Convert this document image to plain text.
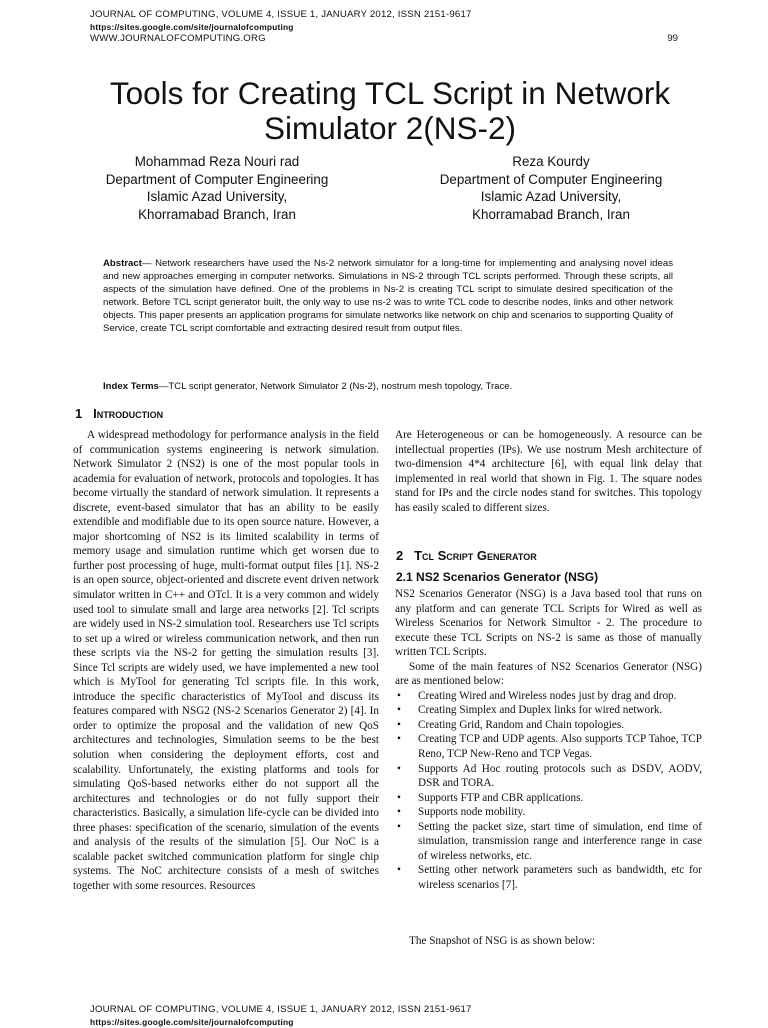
JOURNAL OF COMPUTING, VOLUME 4, ISSUE 1, JANUARY 2012, ISSN 2151-9617
https://sites.google.com/site/journalofcomputing
WWW.JOURNALOFCOMPUTING.ORG	99
Tools for Creating TCL Script in Network Simulator 2(NS-2)
Mohammad Reza Nouri rad
Department of Computer Engineering
Islamic Azad University,
Khorramabad Branch, Iran
Reza Kourdy
Department of Computer Engineering
Islamic Azad University,
Khorramabad Branch, Iran
Abstract— Network researchers have used the Ns-2 network simulator for a long-time for implementing and analysing novel ideas and new approaches emerging in computer networks. Simulations in NS-2 through TCL scripts performed. Through these scripts, all aspects of the simulation have defined. One of the problems in Ns-2 is creating TCL script to simulate desired specification of the network. Before TCL script generator built, the only way to use ns-2 was to write TCL code to describe nodes, links and other network objects. This paper presents an application programs for simulate networks like network on chip and scenarios to supporting Quality of Service, create TCL script comfortable and extracting desired result from output files.
Index Terms—TCL script generator, Network Simulator 2 (Ns-2), nostrum mesh topology, Trace.
1 Introduction

A widespread methodology for performance analysis in the field of communication systems engineering is network simulation. Network Simulator 2 (NS2) is one of the most popular tools in academia for evaluation of network, protocols and topologies. It has become virtually the standard of network simulation. It represents a discrete, event-based simulator that has an ability to be easily extendible and modifiable due to its open source nature. However, a major shortcoming of NS2 is its limited scalability in terms of memory usage and simulation runtime which get worsen due to further post processing of huge, multi-format output files [1]. NS-2 is an open source, object-oriented and discrete event driven network simulator written in C++ and OTcl. It is a very common and widely used tool to simulate small and large area networks [2]. Tcl scripts are widely used in NS-2 simulation tool. Researchers use Tcl scripts to set up a wired or wireless communication network, and then run these scripts via the NS-2 for getting the simulation results [3]. Since Tcl scripts are widely used, we have implemented a new tool which is MyTool for generating Tcl scripts file. In this work, introduce the specific characteristics of MyTool and discuss its features compared with NSG2 (NS-2 Scenarios Generator 2) [4]. In order to optimize the proposal and the validation of new QoS architectures and technologies, Simulation seems to be the best solution when considering the deployment efforts, cost and scalability. Unfortunately, the existing platforms and tools for simulating QoS-based networks either do not support all the architectures and technologies or do not fully support their characteristics. Basically, a simulation life-cycle can be divided into three phases: specification of the scenario, simulation of the events and analysis of the results of the simulation [5]. Our NoC is a scalable packet switched communication platform for single chip systems. The NoC architecture consists of a mesh of switches together with some resources. Resources

Are Heterogeneous or can be homogeneously. A resource can be intellectual properties (IPs). We use nostrum Mesh architecture of two-dimension 4*4 architecture [6], with equal link delay that implemented in real world that shown in Fig. 1. The square nodes stand for IPs and the circle nodes stand for switches. This topology has easily scaled to different sizes.

2 Tcl Script Generator
2.1 NS2 Scenarios Generator (NSG)

NS2 Scenarios Generator (NSG) is a Java based tool that runs on any platform and can generate TCL Scripts for Wired as well as Wireless Scenarios for Network Simultor - 2. The procedure to execute these TCL Scripts on NS-2 is same as those of manually written TCL Scripts.

Some of the main features of NS2 Scenarios Generator (NSG) are as mentioned below:

• Creating Wired and Wireless nodes just by drag and drop.
• Creating Simplex and Duplex links for wired network.
• Creating Grid, Random and Chain topologies.
• Creating TCP and UDP agents. Also supports TCP Tahoe, TCP Reno, TCP New-Reno and TCP Vegas.
• Supports Ad Hoc routing protocols such as DSDV, AODV, DSR and TORA.
• Supports FTP and CBR applications.
• Supports node mobility.
• Setting the packet size, start time of simulation, end time of simulation, transmission range and interference range in case of wireless networks, etc.
• Setting other network parameters such as bandwidth, etc for wireless scenarios [7].

The Snapshot of NSG is as shown below:

JOURNAL OF COMPUTING, VOLUME 4, ISSUE 1, JANUARY 2012, ISSN 2151-9617
https://sites.google.com/site/journalofcomputing
